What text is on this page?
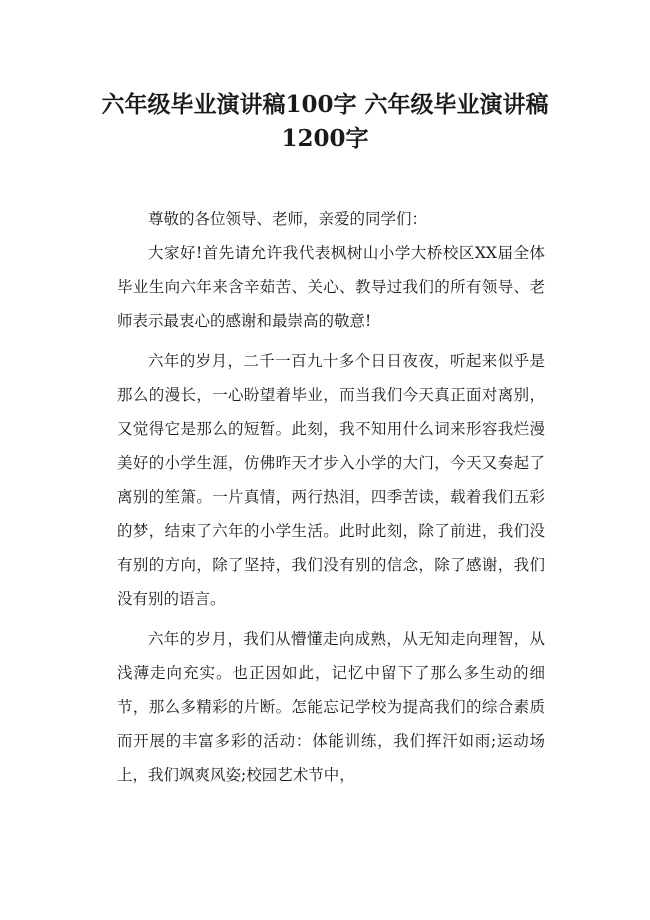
六年级毕业演讲稿100字 六年级毕业演讲稿1200字

尊敬的各位领导、老师，亲爱的同学们：

大家好!首先请允许我代表枫树山小学大桥校区XX届全体毕业生向六年来含辛茹苦、关心、教导过我们的所有领导、老师表示最衷心的感谢和最崇高的敬意!

六年的岁月，二千一百九十多个日日夜夜，听起来似乎是那么的漫长，一心盼望着毕业，而当我们今天真正面对离别，又觉得它是那么的短暂。此刻，我不知用什么词来形容我烂漫美好的小学生涯，仿佛昨天才步入小学的大门，今天又奏起了离别的笙箫。一片真情，两行热泪，四季苦读，载着我们五彩的梦，结束了六年的小学生活。此时此刻，除了前进，我们没有别的方向，除了坚持，我们没有别的信念，除了感谢，我们没有别的语言。

六年的岁月，我们从懵懂走向成熟，从无知走向理智，从浅薄走向充实。也正因如此，记忆中留下了那么多生动的细节，那么多精彩的片断。怎能忘记学校为提高我们的综合素质而开展的丰富多彩的活动：体能训练，我们挥汗如雨;运动场上，我们飒爽风姿;校园艺术节中，
